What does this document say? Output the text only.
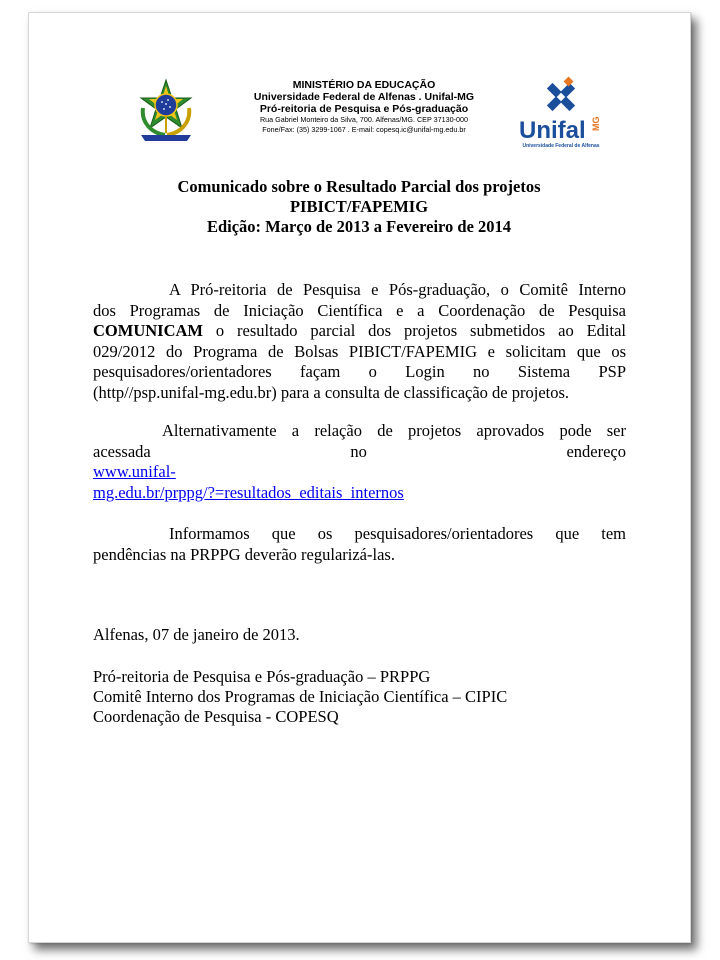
MINISTÉRIO DA EDUCAÇÃO
Universidade Federal de Alfenas . Unifal-MG
Pró-reitoria de Pesquisa e Pós-graduação
Rua Gabriel Monteiro da Silva, 700. Alfenas/MG. CEP 37130-000
Fone/Fax: (35) 3299-1067 . E-mail: copesq.ic@unifal-mg.edu.br	Unifal MG
Universidade Federal de Alfenas
Comunicado sobre o Resultado Parcial dos projetos
PIBICT/FAPEMIG
Edição: Março de 2013 a Fevereiro de 2014
A Pró-reitoria de Pesquisa e Pós-graduação, o Comitê Interno
dos Programas de Iniciação Científica e a Coordenação de Pesquisa
COMUNICAM o resultado parcial dos projetos submetidos ao Edital
029/2012 do Programa de Bolsas PIBICT/FAPEMIG e solicitam que os
pesquisadores/orientadores façam o Login no Sistema PSP
(http//psp.unifal-mg.edu.br) para a consulta de classificação de projetos.
Alternativamente a relação de projetos aprovados pode ser
acessada no endereço www.unifal-
mg.edu.br/prppg/?=resultados_editais_internos
Informamos que os pesquisadores/orientadores que tem
pendências na PRPPG deverão regularizá-las.
Alfenas, 07 de janeiro de 2013.
Pró-reitoria de Pesquisa e Pós-graduação – PRPPG
Comitê Interno dos Programas de Iniciação Científica – CIPIC
Coordenação de Pesquisa - COPESQ
